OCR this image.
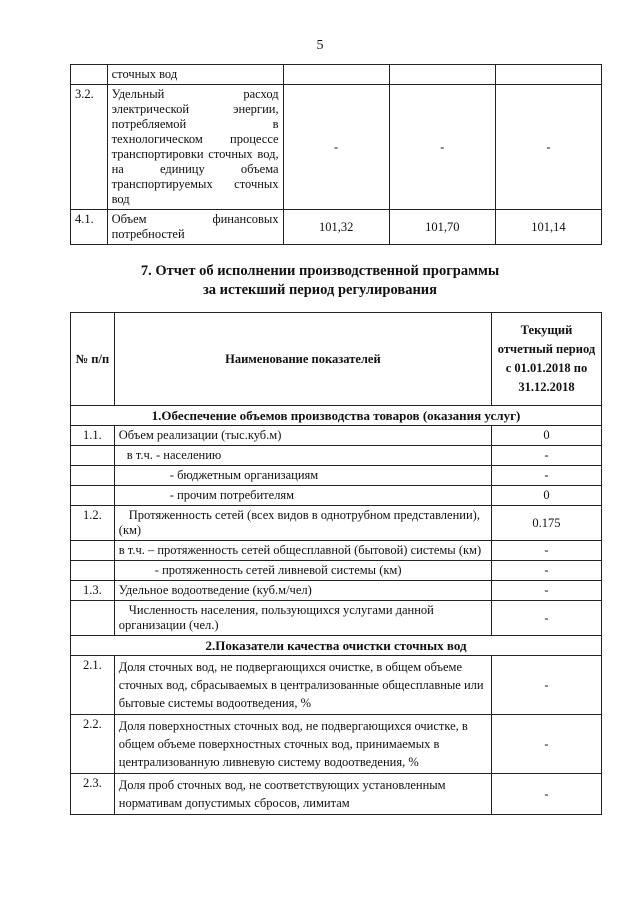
5
	сточных вод			
3.2.	Удельный расход электрической энергии, потребляемой в технологическом процессе транспортировки сточных вод, на единицу объема транспортируемых сточных вод	-	-	-
4.1.	Объем финансовых потребностей	101,32	101,70	101,14
7. Отчет об исполнении производственной программы
за истекший период регулирования
№ п/п	Наименование показателей	Текущий отчетный период с 01.01.2018 по 31.12.2018
1.Обеспечение объемов производства товаров (оказания услуг)		
1.1.	Объем реализации (тыс.куб.м)	0
	в т.ч. - населению	-
	- бюджетным организациям	-
	- прочим потребителям	0
1.2.	Протяженность сетей (всех видов в однотрубном представлении), (км)	0.175
	в т.ч. – протяженность сетей общесплавной (бытовой) системы (км)	-
	- протяженность сетей ливневой системы (км)	-
1.3.	Удельное водоотведение (куб.м/чел)	-
	Численность населения, пользующихся услугами данной организации (чел.)	-
2.Показатели качества очистки сточных вод		
2.1.	Доля сточных вод, не подвергающихся очистке, в общем объеме сточных вод, сбрасываемых в централизованные общесплавные или бытовые системы водоотведения, %	-
2.2.	Доля поверхностных сточных вод, не подвергающихся очистке, в общем объеме поверхностных сточных вод, принимаемых в централизованную ливневую систему водоотведения, %	-
2.3.	Доля проб сточных вод, не соответствующих установленным нормативам допустимых сбросов, лимитам	-
